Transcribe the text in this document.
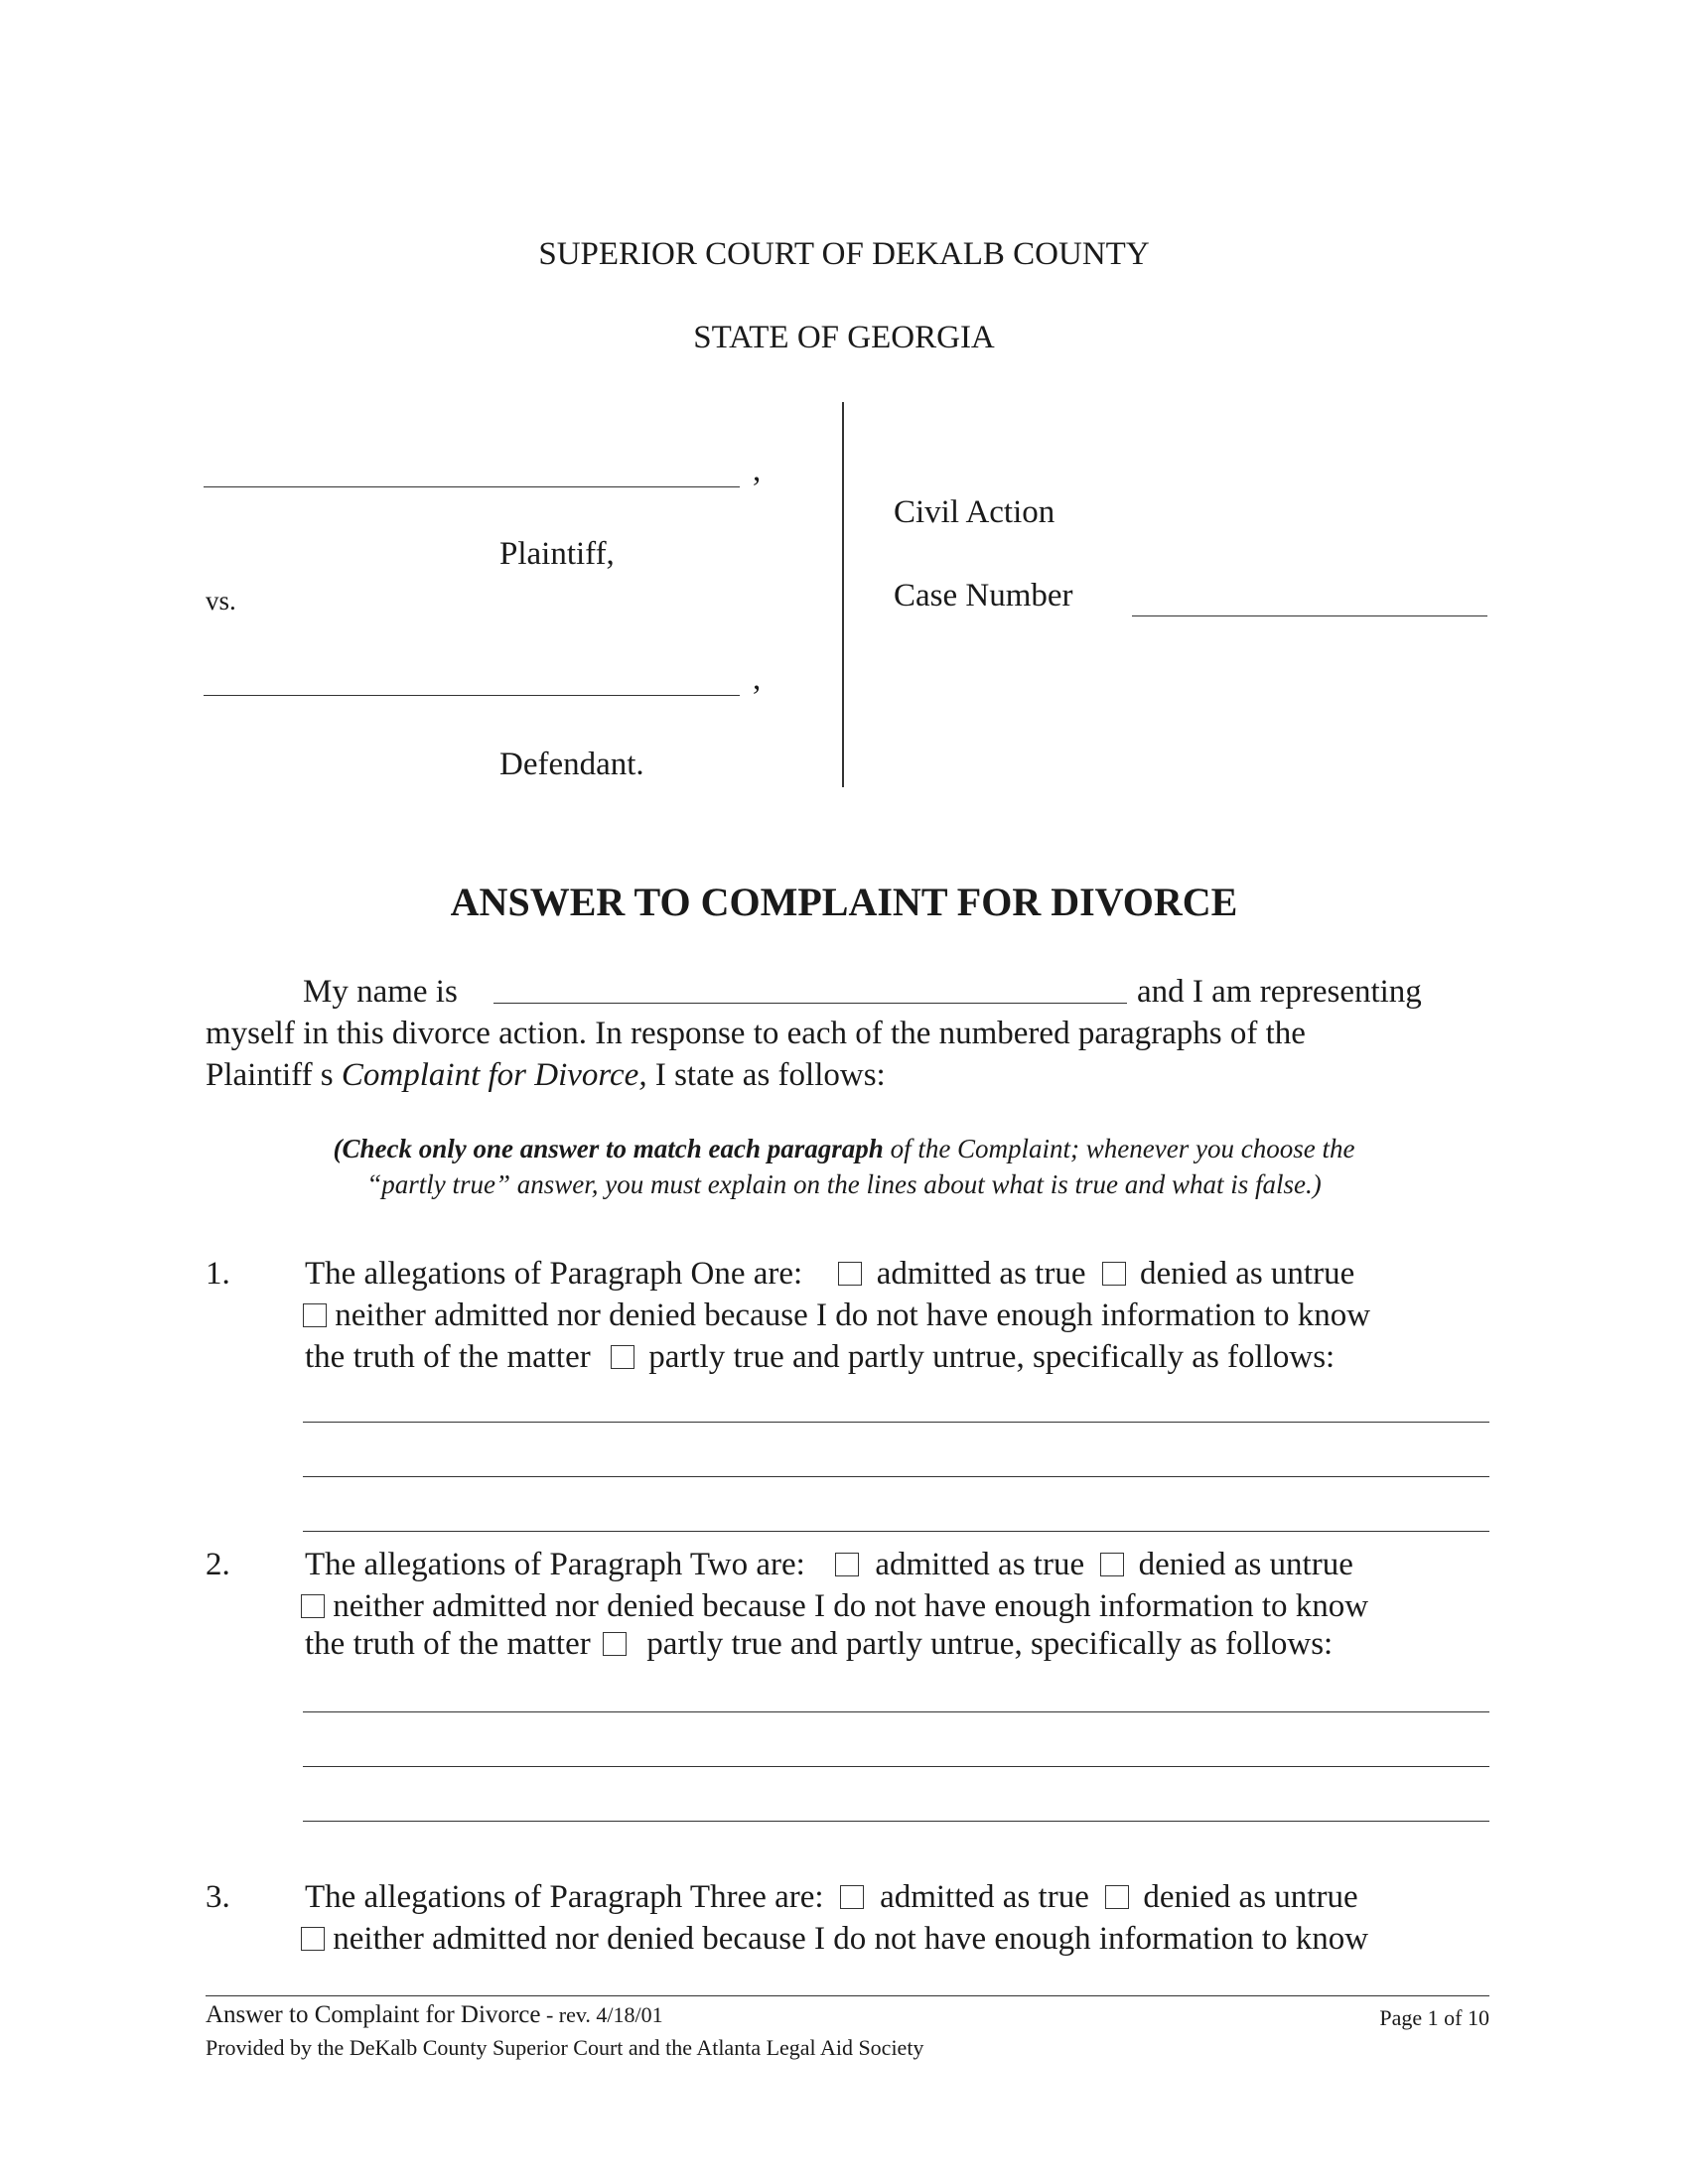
SUPERIOR COURT OF DEKALB COUNTY
STATE OF GEORGIA
,
Plaintiff,
vs.
,
Defendant.
Civil Action
Case Number
ANSWER TO COMPLAINT FOR DIVORCE
My name is	and I am representing
myself in this divorce action. In response to each of the numbered paragraphs of the
Plaintiff s Complaint for Divorce, I state as follows:
(Check only one answer to match each paragraph of the Complaint; whenever you choose the
“partly true” answer, you must explain on the lines about what is true and what is false.)
1. The allegations of Paragraph One are: admitted as true denied as untrue
neither admitted nor denied because I do not have enough information to know
the truth of the matter partly true and partly untrue, specifically as follows:
2. The allegations of Paragraph Two are: admitted as true denied as untrue
neither admitted nor denied because I do not have enough information to know
the truth of the matter partly true and partly untrue, specifically as follows:
3. The allegations of Paragraph Three are: admitted as true denied as untrue
neither admitted nor denied because I do not have enough information to know
Answer to Complaint for Divorce - rev. 4/18/01	Page 1 of 10
Provided by the DeKalb County Superior Court and the Atlanta Legal Aid Society
